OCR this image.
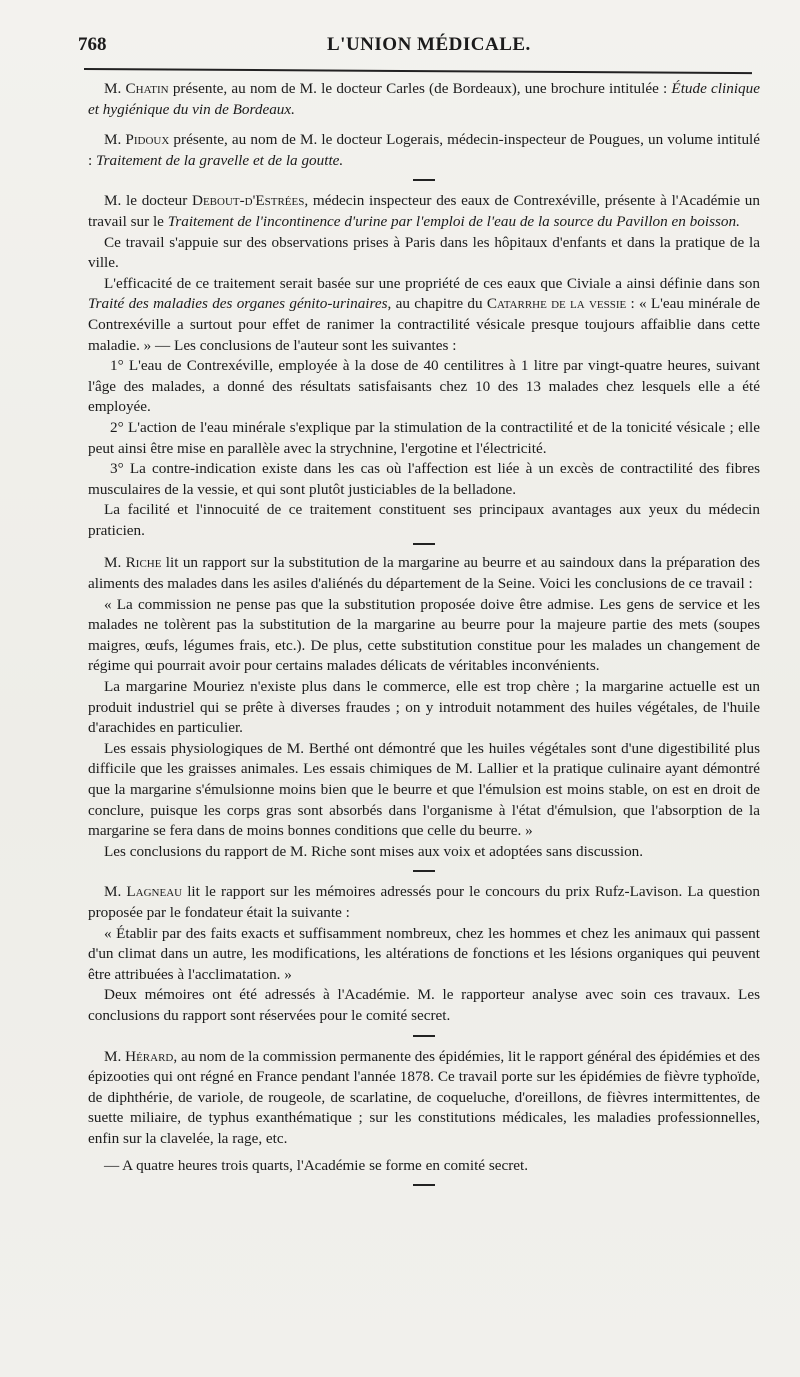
768	L'UNION MÉDICALE.

M. Chatin présente, au nom de M. le docteur Carles (de Bordeaux), une brochure intitulée : Étude clinique et hygiénique du vin de Bordeaux.

M. Pidoux présente, au nom de M. le docteur Logerais, médecin-inspecteur de Pougues, un volume intitulé : Traitement de la gravelle et de la goutte.

M. le docteur Debout-d'Estrées, médecin inspecteur des eaux de Contrexéville, présente à l'Académie un travail sur le Traitement de l'incontinence d'urine par l'emploi de l'eau de la source du Pavillon en boisson.

Ce travail s'appuie sur des observations prises à Paris dans les hôpitaux d'enfants et dans la pratique de la ville.

L'efficacité de ce traitement serait basée sur une propriété de ces eaux que Civiale a ainsi définie dans son Traité des maladies des organes génito-urinaires, au chapitre du Catarrhe de la vessie : « L'eau minérale de Contrexéville a surtout pour effet de ranimer la contractilité vésicale presque toujours affaiblie dans cette maladie. » — Les conclusions de l'auteur sont les suivantes :

1° L'eau de Contrexéville, employée à la dose de 40 centilitres à 1 litre par vingt-quatre heures, suivant l'âge des malades, a donné des résultats satisfaisants chez 10 des 13 malades chez lesquels elle a été employée.

2° L'action de l'eau minérale s'explique par la stimulation de la contractilité et de la tonicité vésicale ; elle peut ainsi être mise en parallèle avec la strychnine, l'ergotine et l'électricité.

3° La contre-indication existe dans les cas où l'affection est liée à un excès de contractilité des fibres musculaires de la vessie, et qui sont plutôt justiciables de la belladone.

La facilité et l'innocuité de ce traitement constituent ses principaux avantages aux yeux du médecin praticien.

M. Riche lit un rapport sur la substitution de la margarine au beurre et au saindoux dans la préparation des aliments des malades dans les asiles d'aliénés du département de la Seine. Voici les conclusions de ce travail :

« La commission ne pense pas que la substitution proposée doive être admise. Les gens de service et les malades ne tolèrent pas la substitution de la margarine au beurre pour la majeure partie des mets (soupes maigres, œufs, légumes frais, etc.). De plus, cette substitution constitue pour les malades un changement de régime qui pourrait avoir pour certains malades délicats de véritables inconvénients.

La margarine Mouriez n'existe plus dans le commerce, elle est trop chère ; la margarine actuelle est un produit industriel qui se prête à diverses fraudes ; on y introduit notamment des huiles végétales, de l'huile d'arachides en particulier.

Les essais physiologiques de M. Berthé ont démontré que les huiles végétales sont d'une digestibilité plus difficile que les graisses animales. Les essais chimiques de M. Lallier et la pratique culinaire ayant démontré que la margarine s'émulsionne moins bien que le beurre et que l'émulsion est moins stable, on est en droit de conclure, puisque les corps gras sont absorbés dans l'organisme à l'état d'émulsion, que l'absorption de la margarine se fera dans de moins bonnes conditions que celle du beurre. »

Les conclusions du rapport de M. Riche sont mises aux voix et adoptées sans discussion.

M. Lagneau lit le rapport sur les mémoires adressés pour le concours du prix Rufz-Lavison. La question proposée par le fondateur était la suivante :

« Établir par des faits exacts et suffisamment nombreux, chez les hommes et chez les animaux qui passent d'un climat dans un autre, les modifications, les altérations de fonctions et les lésions organiques qui peuvent être attribuées à l'acclimatation. »

Deux mémoires ont été adressés à l'Académie. M. le rapporteur analyse avec soin ces travaux. Les conclusions du rapport sont réservées pour le comité secret.

M. Hérard, au nom de la commission permanente des épidémies, lit le rapport général des épidémies et des épizooties qui ont régné en France pendant l'année 1878. Ce travail porte sur les épidémies de fièvre typhoïde, de diphthérie, de variole, de rougeole, de scarlatine, de coqueluche, d'oreillons, de fièvres intermittentes, de suette miliaire, de typhus exanthématique ; sur les constitutions médicales, les maladies professionnelles, enfin sur la clavelée, la rage, etc.

— A quatre heures trois quarts, l'Académie se forme en comité secret.
